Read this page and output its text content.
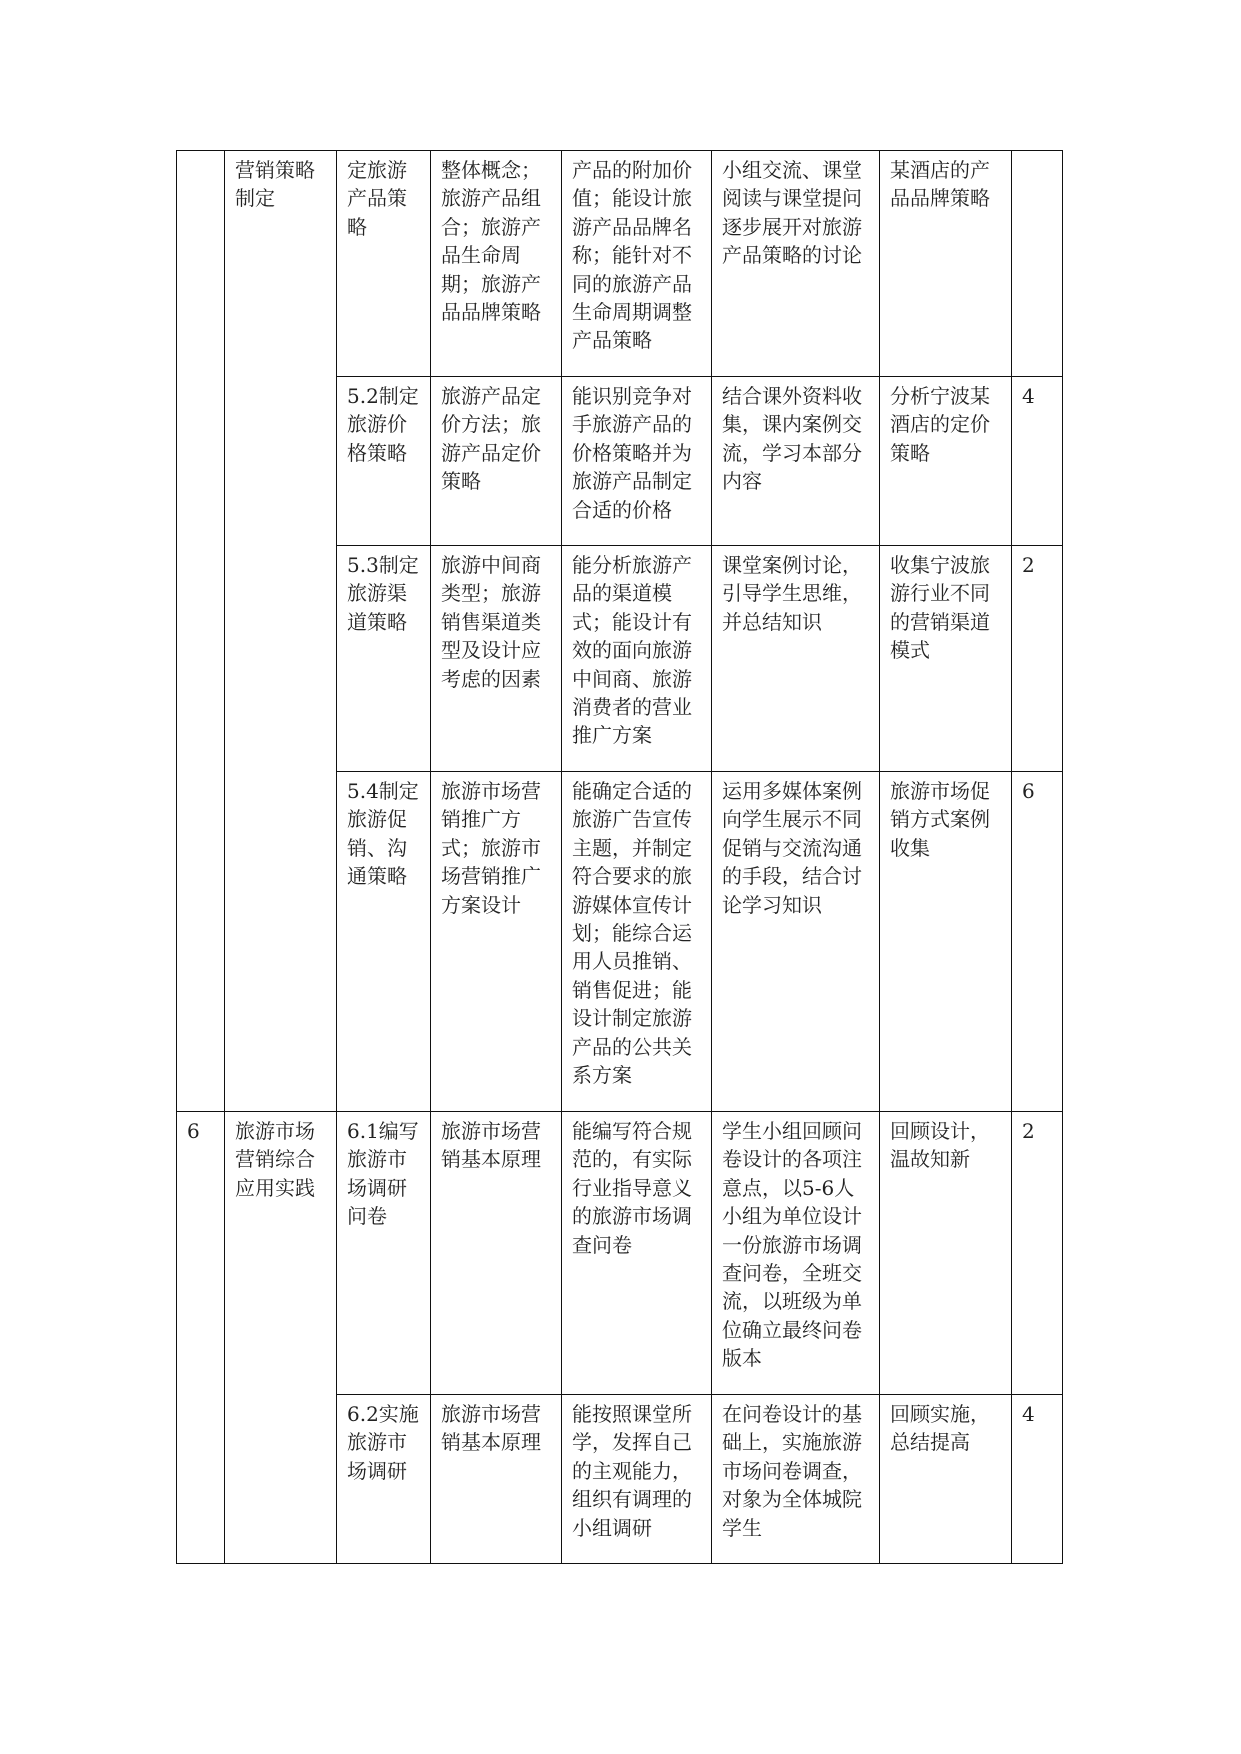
	营销策略制定	定旅游产品策略	整体概念；旅游产品组合；旅游产品生命周期；旅游产品品牌策略	产品的附加价值；能设计旅游产品品牌名称；能针对不同的旅游产品生命周期调整产品策略	小组交流、课堂阅读与课堂提问逐步展开对旅游产品策略的讨论	某酒店的产品品牌策略	
		5.2制定旅游价格策略	旅游产品定价方法；旅游产品定价策略	能识别竞争对手旅游产品的价格策略并为旅游产品制定合适的价格	结合课外资料收集，课内案例交流，学习本部分内容	分析宁波某酒店的定价策略	4
		5.3制定旅游渠道策略	旅游中间商类型；旅游销售渠道类型及设计应考虑的因素	能分析旅游产品的渠道模式；能设计有效的面向旅游中间商、旅游消费者的营业推广方案	课堂案例讨论，引导学生思维，并总结知识	收集宁波旅游行业不同的营销渠道模式	2
		5.4制定旅游促销、沟通策略	旅游市场营销推广方式；旅游市场营销推广方案设计	能确定合适的旅游广告宣传主题，并制定符合要求的旅游媒体宣传计划；能综合运用人员推销、销售促进；能设计制定旅游产品的公共关系方案	运用多媒体案例向学生展示不同促销与交流沟通的手段，结合讨论学习知识	旅游市场促销方式案例收集	6
6	旅游市场营销综合应用实践	6.1编写旅游市场调研问卷	旅游市场营销基本原理	能编写符合规范的，有实际行业指导意义的旅游市场调查问卷	学生小组回顾问卷设计的各项注意点，以5-6人小组为单位设计一份旅游市场调查问卷，全班交流，以班级为单位确立最终问卷版本	回顾设计，温故知新	2
		6.2实施旅游市场调研	旅游市场营销基本原理	能按照课堂所学，发挥自己的主观能力，组织有调理的小组调研	在问卷设计的基础上，实施旅游市场问卷调查，对象为全体城院学生	回顾实施，总结提高	4
